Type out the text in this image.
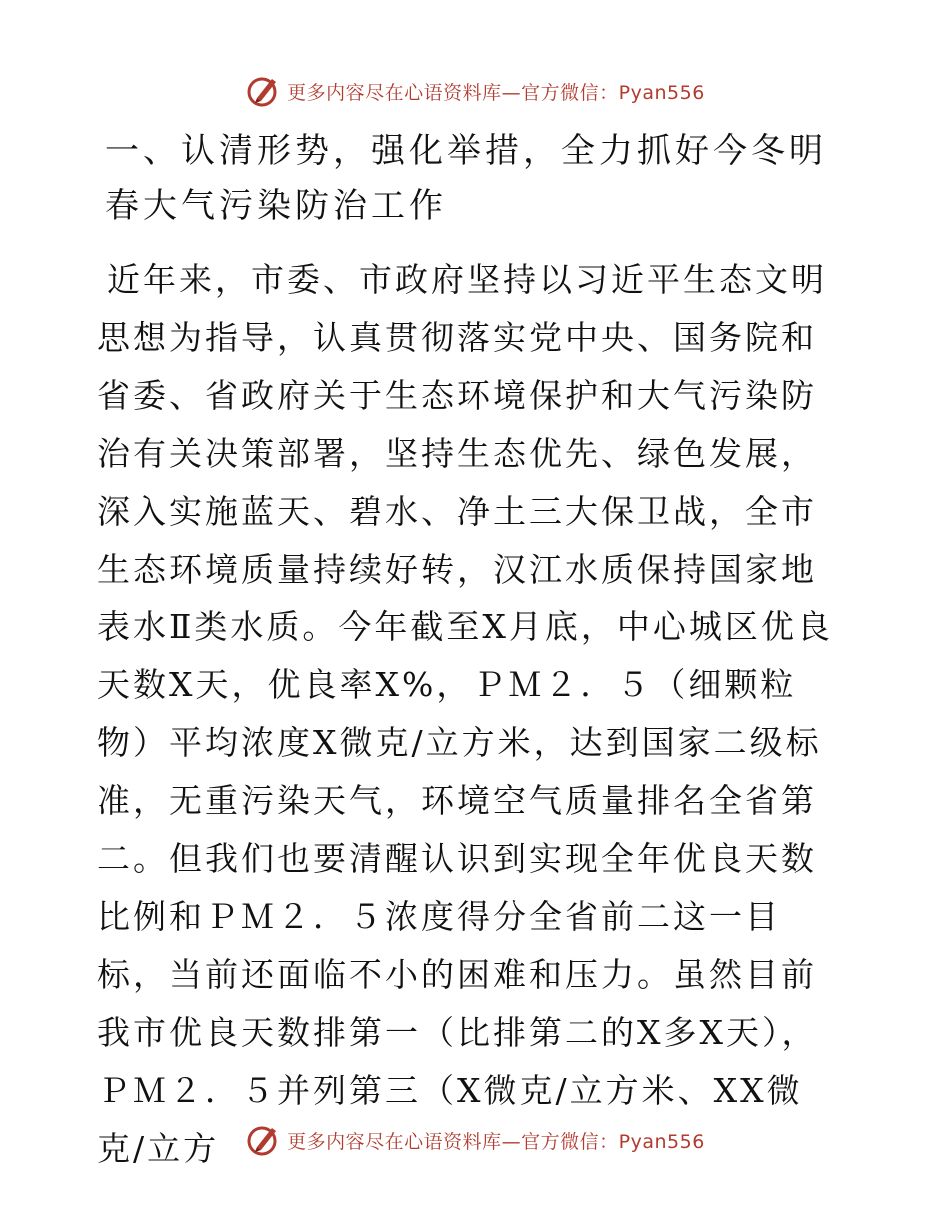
更多内容尽在心语资料库—官方微信：Pyan556
一、认清形势，强化举措，全力抓好今冬明春大气污染防治工作

近年来，市委、市政府坚持以习近平生态文明思想为指导，认真贯彻落实党中央、国务院和省委、省政府关于生态环境保护和大气污染防治有关决策部署，坚持生态优先、绿色发展，深入实施蓝天、碧水、净土三大保卫战，全市生态环境质量持续好转，汉江水质保持国家地表水Ⅱ类水质。今年截至X月底，中心城区优良天数X天，优良率X%，ＰＭ２．５（细颗粒物）平均浓度X微克/立方米，达到国家二级标准，无重污染天气，环境空气质量排名全省第二。但我们也要清醒认识到实现全年优良天数比例和ＰＭ２．５浓度得分全省前二这一目标，当前还面临不小的困难和压力。虽然目前我市优良天数排第一（比排第二的X多X天），ＰＭ２．５并列第三（X微克/立方米、XX微克/立方	更多内容尽在心语资料库—官方微信：Pyan556
